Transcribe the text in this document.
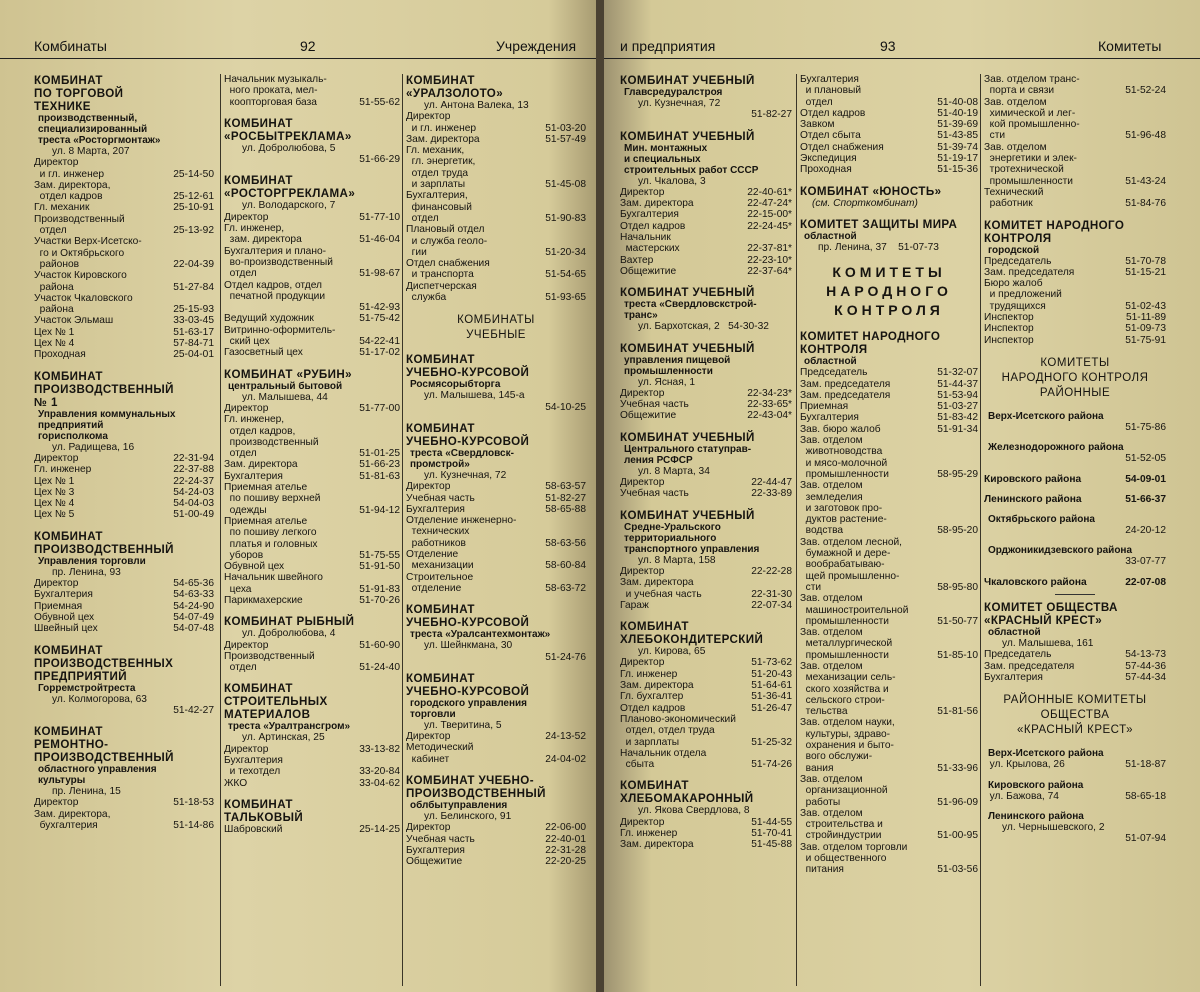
Комбинаты	92	Учреждения
КОМБИНАТ
ПО ТОРГОВОЙ
ТЕХНИКЕ
производственный,
специализированный
треста «Росторгмонтаж»
ул. 8 Марта, 207
Директор
и гл. инженер	25-14-50
Зам. директора,
отдел кадров	25-12-61
Гл. механик	25-10-91
Производственный
отдел	25-13-92
Участки Верх-Исетско-
го и Октябрьского
районов	22-04-39
Участок Кировского
района	51-27-84
Участок Чкаловского
района	25-15-93
Участок Эльмаш	33-03-45
Цех № 1	51-63-17
Цех № 4	57-84-71
Проходная	25-04-01
КОМБИНАТ
ПРОИЗВОДСТВЕННЫЙ
№ 1
Управления коммунальных
предприятий
горисполкома
ул. Радищева, 16
Директор	22-31-94
Гл. инженер	22-37-88
Цех № 1	22-24-37
Цех № 3	54-24-03
Цех № 4	54-04-03
Цех № 5	51-00-49
КОМБИНАТ
ПРОИЗВОДСТВЕННЫЙ
Управления торговли
пр. Ленина, 93
Директор	54-65-36
Бухгалтерия	54-63-33
Приемная	54-24-90
Обувной цех	54-07-49
Швейный цех	54-07-48
КОМБИНАТ
ПРОИЗВОДСТВЕННЫХ
ПРЕДПРИЯТИЙ
Горремстройтреста
ул. Колмогорова, 63
51-42-27
КОМБИНАТ
РЕМОНТНО-
ПРОИЗВОДСТВЕННЫЙ
областного управления
культуры
пр. Ленина, 15
Директор	51-18-53
Зам. директора,
бухгалтерия	51-14-86
Начальник музыкаль-
ного проката, мел-
коопторговая база	51-55-62
КОМБИНАТ
«РОСБЫТРЕКЛАМА»
ул. Добролюбова, 5
51-66-29
КОМБИНАТ
«РОСТОРГРЕКЛАМА»
ул. Володарского, 7
Директор	51-77-10
Гл. инженер,
зам. директора	51-46-04
Бухгалтерия и плано-
во-производственный
отдел	51-98-67
Отдел кадров, отдел
печатной продукции
51-42-93
Ведущий художник	51-75-42
Витринно-оформитель-
ский цех	54-22-41
Газосветный цех	51-17-02
КОМБИНАТ «РУБИН»
центральный бытовой
ул. Малышева, 44
Директор	51-77-00
Гл. инженер,
отдел кадров,
производственный
отдел	51-01-25
Зам. директора	51-66-23
Бухгалтерия	51-81-63
Приемная ателье
по пошиву верхней
одежды	51-94-12
Приемная ателье
по пошиву легкого
платья и головных
уборов	51-75-55
Обувной цех	51-91-50
Начальник швейного
цеха	51-91-83
Парикмахерские	51-70-26
КОМБИНАТ РЫБНЫЙ
ул. Добролюбова, 4
Директор	51-60-90
Производственный
отдел	51-24-40
КОМБИНАТ
СТРОИТЕЛЬНЫХ
МАТЕРИАЛОВ
треста «Уралтрансгром»
ул. Артинская, 25
Директор	33-13-82
Бухгалтерия
и техотдел	33-20-84
ЖКО	33-04-62
КОМБИНАТ
ТАЛЬКОВЫЙ
Шабровский	25-14-25
КОМБИНАТ
«УРАЛЗОЛОТО»
ул. Антона Валека, 13
Директор
и гл. инженер	51-03-20
Зам. директора	51-57-49
Гл. механик,
гл. энергетик,
отдел труда
и зарплаты	51-45-08
Бухгалтерия,
финансовый
отдел	51-90-83
Плановый отдел
и служба геоло-
гии	51-20-34
Отдел снабжения
и транспорта	51-54-65
Диспетчерская
служба	51-93-65
КОМБИНАТЫ
УЧЕБНЫЕ
КОМБИНАТ
УЧЕБНО-КУРСОВОЙ
Росмясорыбторга
ул. Малышева, 145-а
54-10-25
КОМБИНАТ
УЧЕБНО-КУРСОВОЙ
треста «Свердловск-
промстрой»
ул. Кузнечная, 72
Директор	58-63-57
Учебная часть	51-82-27
Бухгалтерия	58-65-88
Отделение инженерно-
технических
работников	58-63-56
Отделение
механизации	58-60-84
Строительное
отделение	58-63-72
КОМБИНАТ
УЧЕБНО-КУРСОВОЙ
треста «Уралсантехмонтаж»
ул. Шейнкмана, 30
51-24-76
КОМБИНАТ
УЧЕБНО-КУРСОВОЙ
городского управления
торговли
ул. Тверитина, 5
Директор	24-13-52
Методический
кабинет	24-04-02
КОМБИНАТ УЧЕБНО-
ПРОИЗВОДСТВЕННЫЙ
облбытуправления
ул. Белинского, 91
Директор	22-06-00
Учебная часть	22-40-01
Бухгалтерия	22-31-28
Общежитие	22-20-25
и предприятия	93	Комитеты
КОМБИНАТ УЧЕБНЫЙ
Главсредуралстроя
ул. Кузнечная, 72
51-82-27
КОМБИНАТ УЧЕБНЫЙ
Мин. монтажных
и специальных
строительных работ СССР
ул. Чкалова, 3
Директор	22-40-61*
Зам. директора	22-47-24*
Бухгалтерия	22-15-00*
Отдел кадров	22-24-45*
Начальник
мастерских	22-37-81*
Вахтер	22-23-10*
Общежитие	22-37-64*
КОМБИНАТ УЧЕБНЫЙ
треста «Свердловскстрой-
транс»
ул. Бархотская, 2   54-30-32
КОМБИНАТ УЧЕБНЫЙ
управления пищевой
промышленности
ул. Ясная, 1
Директор	22-34-23*
Учебная часть	22-33-65*
Общежитие	22-43-04*
КОМБИНАТ УЧЕБНЫЙ
Центрального статуправ-
ления РСФСР
ул. 8 Марта, 34
Директор	22-44-47
Учебная часть	22-33-89
КОМБИНАТ УЧЕБНЫЙ
Средне-Уральского
территориального
транспортного управления
ул. 8 Марта, 158
Директор	22-22-28
Зам. директора
и учебная часть	22-31-30
Гараж	22-07-34
КОМБИНАТ
ХЛЕБОКОНДИТЕРСКИЙ
ул. Кирова, 65
Директор	51-73-62
Гл. инженер	51-20-43
Зам. директора	51-64-61
Гл. бухгалтер	51-36-41
Отдел кадров	51-26-47
Планово-экономический
отдел, отдел труда
и зарплаты	51-25-32
Начальник отдела
сбыта	51-74-26
КОМБИНАТ
ХЛЕБОМАКАРОННЫЙ
ул. Якова Свердлова, 8
Директор	51-44-55
Гл. инженер	51-70-41
Зам. директора	51-45-88
Бухгалтерия
и плановый
отдел	51-40-08
Отдел кадров	51-40-19
Завком	51-39-69
Отдел сбыта	51-43-85
Отдел снабжения	51-39-74
Экспедиция	51-19-17
Проходная	51-15-36
КОМБИНАТ «ЮНОСТЬ»
(см. Спорткомбинат)
КОМИТЕТ ЗАЩИТЫ МИРА
областной
пр. Ленина, 37    51-07-73
КОМИТЕТЫ
НАРОДНОГО
КОНТРОЛЯ
КОМИТЕТ НАРОДНОГО
КОНТРОЛЯ
областной
Председатель	51-32-07
Зам. председателя	51-44-37
Зам. председателя	51-53-94
Приемная	51-03-27
Бухгалтерия	51-83-42
Зав. бюро жалоб	51-91-34
Зав. отделом
животноводства
и мясо-молочной
промышленности	58-95-29
Зав. отделом
земледелия
и заготовок про-
дуктов растение-
водства	58-95-20
Зав. отделом лесной,
бумажной и дере-
вообрабатываю-
щей промышленно-
сти	58-95-80
Зав. отделом
машиностроительной
промышленности	51-50-77
Зав. отделом
металлургической
промышленности	51-85-10
Зав. отделом
механизации сель-
ского хозяйства и
сельского строи-
тельства	51-81-56
Зав. отделом науки,
культуры, здраво-
охранения и быто-
вого обслужи-
вания	51-33-96
Зав. отделом
организационной
работы	51-96-09
Зав. отделом
строительства и
стройиндустрии	51-00-95
Зав. отделом торговли
и общественного
питания	51-03-56
Зав. отделом транс-
порта и связи	51-52-24
Зав. отделом
химической и лег-
кой промышленно-
сти	51-96-48
Зав. отделом
энергетики и элек-
тротехнической
промышленности	51-43-24
Технический
работник	51-84-76
КОМИТЕТ НАРОДНОГО
КОНТРОЛЯ
городской
Председатель	51-70-78
Зам. председателя	51-15-21
Бюро жалоб
и предложений
трудящихся	51-02-43
Инспектор	51-11-89
Инспектор	51-09-73
Инспектор	51-75-91
КОМИТЕТЫ
НАРОДНОГО КОНТРОЛЯ
РАЙОННЫЕ
Верх-Исетского района
51-75-86
Железнодорожного района
51-52-05
Кировского района	54-09-01
Ленинского района	51-66-37
Октябрьского района
24-20-12
Орджоникидзевского района
33-07-77
Чкаловского района	22-07-08
КОМИТЕТ ОБЩЕСТВА
«КРАСНЫЙ КРЕСТ»
областной
ул. Малышева, 161
Председатель	54-13-73
Зам. председателя	57-44-36
Бухгалтерия	57-44-34
РАЙОННЫЕ КОМИТЕТЫ
ОБЩЕСТВА
«КРАСНЫЙ КРЕСТ»
Верх-Исетского района
ул. Крылова, 26	51-18-87
Кировского района
ул. Бажова, 74	58-65-18
Ленинского района
ул. Чернышевского, 2
51-07-94
